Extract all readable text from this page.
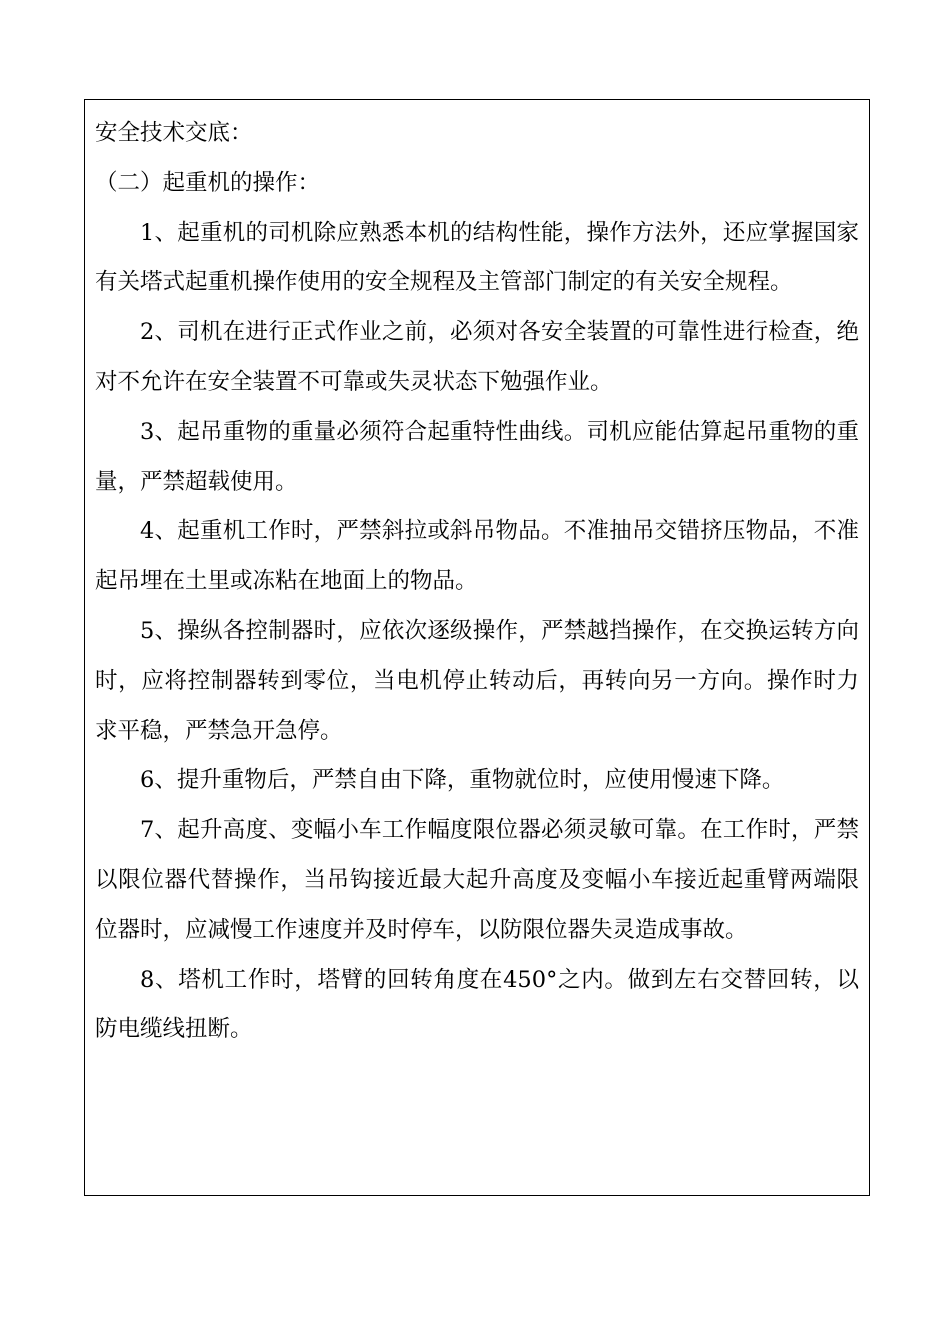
安全技术交底：

（二）起重机的操作：

1、起重机的司机除应熟悉本机的结构性能，操作方法外，还应掌握国家有关塔式起重机操作使用的安全规程及主管部门制定的有关安全规程。

2、司机在进行正式作业之前，必须对各安全装置的可靠性进行检查，绝对不允许在安全装置不可靠或失灵状态下勉强作业。

3、起吊重物的重量必须符合起重特性曲线。司机应能估算起吊重物的重量，严禁超载使用。

4、起重机工作时，严禁斜拉或斜吊物品。不准抽吊交错挤压物品，不准起吊埋在土里或冻粘在地面上的物品。

5、操纵各控制器时，应依次逐级操作，严禁越挡操作，在交换运转方向时，应将控制器转到零位，当电机停止转动后，再转向另一方向。操作时力求平稳，严禁急开急停。

6、提升重物后，严禁自由下降，重物就位时，应使用慢速下降。

7、起升高度、变幅小车工作幅度限位器必须灵敏可靠。在工作时，严禁以限位器代替操作，当吊钩接近最大起升高度及变幅小车接近起重臂两端限位器时，应减慢工作速度并及时停车，以防限位器失灵造成事故。

8、塔机工作时，塔臂的回转角度在450°之内。做到左右交替回转，以防电缆线扭断。
